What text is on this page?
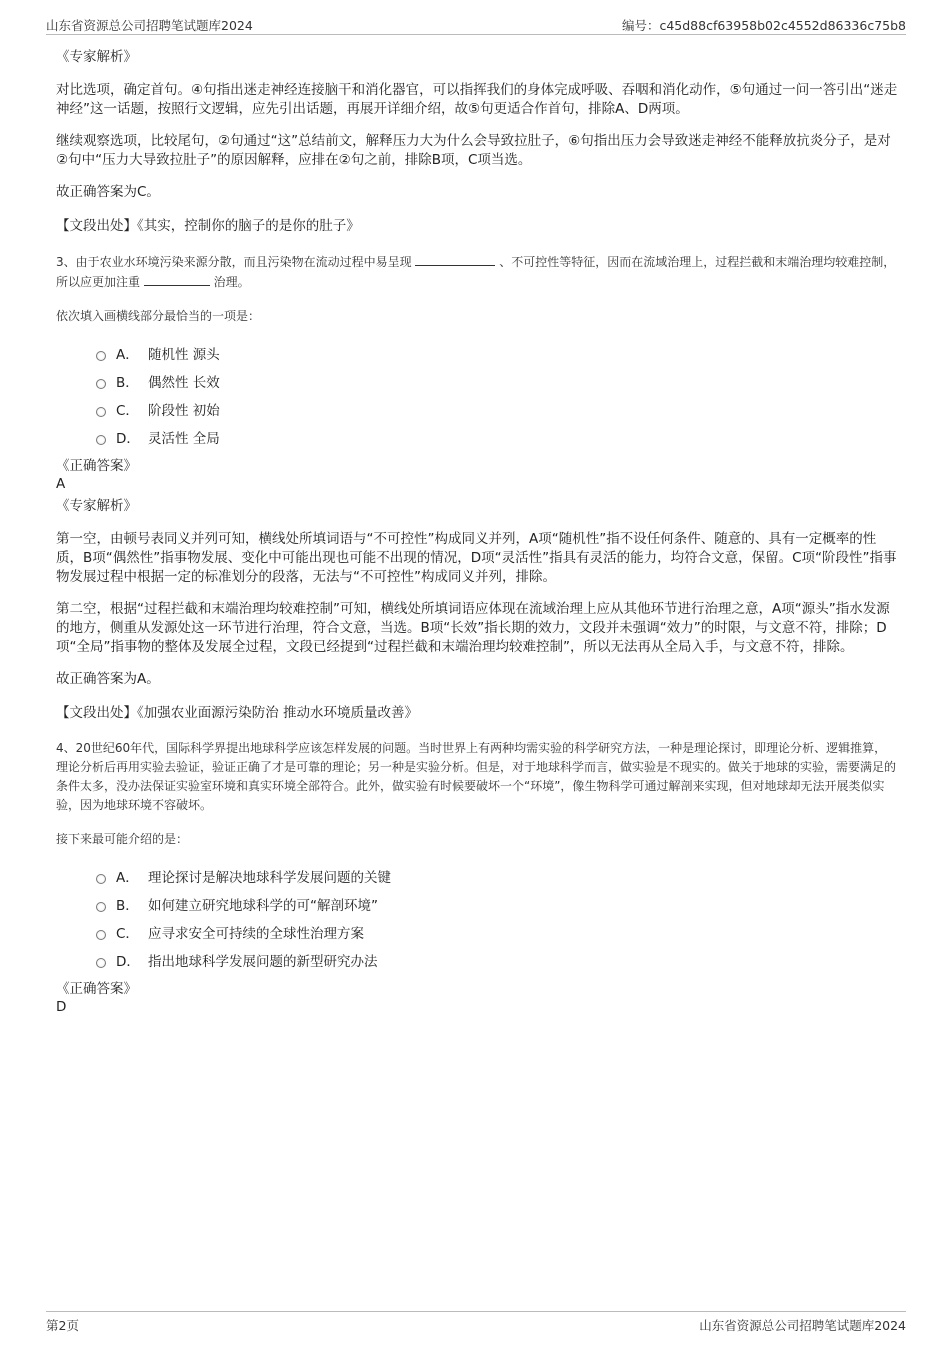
山东省资源总公司招聘笔试题库2024	编号：c45d88cf63958b02c4552d86336c75b8
《专家解析》
对比选项，确定首句。④句指出迷走神经连接脑干和消化器官，可以指挥我们的身体完成呼吸、吞咽和消化动作，⑤句通过一问一答引出“迷走神经”这一话题，按照行文逻辑，应先引出话题，再展开详细介绍，故⑤句更适合作首句，排除A、D两项。
继续观察选项，比较尾句，②句通过“这”总结前文，解释压力大为什么会导致拉肚子，⑥句指出压力会导致迷走神经不能释放抗炎分子，是对②句中“压力大导致拉肚子”的原因解释，应排在②句之前，排除B项，C项当选。
故正确答案为C。
【文段出处】《其实，控制你的脑子的是你的肚子》
3、由于农业水环境污染来源分散，而且污染物在流动过程中易呈现	、不可控性等特征，因而在流域治理上，过程拦截和末端治理均较难控制，所以应更加注重	治理。
依次填入画横线部分最恰当的一项是：
A． 随机性 源头
B． 偶然性 长效
C． 阶段性 初始
D． 灵活性 全局
《正确答案》
A
《专家解析》
第一空，由顿号表同义并列可知，横线处所填词语与“不可控性”构成同义并列，A项“随机性”指不设任何条件、随意的、具有一定概率的性质，B项“偶然性”指事物发展、变化中可能出现也可能不出现的情况，D项“灵活性”指具有灵活的能力，均符合文意，保留。C项“阶段性”指事物发展过程中根据一定的标准划分的段落，无法与“不可控性”构成同义并列，排除。
第二空，根据“过程拦截和末端治理均较难控制”可知，横线处所填词语应体现在流域治理上应从其他环节进行治理之意，A项“源头”指水发源的地方，侧重从发源处这一环节进行治理，符合文意，当选。B项“长效”指长期的效力，文段并未强调“效力”的时限，与文意不符，排除；D项“全局”指事物的整体及发展全过程，文段已经提到“过程拦截和末端治理均较难控制”，所以无法再从全局入手，与文意不符，排除。
故正确答案为A。
【文段出处】《加强农业面源污染防治 推动水环境质量改善》
4、20世纪60年代，国际科学界提出地球科学应该怎样发展的问题。当时世界上有两种均需实验的科学研究方法，一种是理论探讨，即理论分析、逻辑推算，理论分析后再用实验去验证，验证正确了才是可靠的理论；另一种是实验分析。但是，对于地球科学而言，做实验是不现实的。做关于地球的实验，需要满足的条件太多，没办法保证实验室环境和真实环境全部符合。此外，做实验有时候要破坏一个“环境”，像生物科学可通过解剖来实现，但对地球却无法开展类似实验，因为地球环境不容破坏。
接下来最可能介绍的是：
A． 理论探讨是解决地球科学发展问题的关键
B． 如何建立研究地球科学的可“解剖环境”
C． 应寻求安全可持续的全球性治理方案
D． 指出地球科学发展问题的新型研究办法
《正确答案》
D
第2页	山东省资源总公司招聘笔试题库2024
